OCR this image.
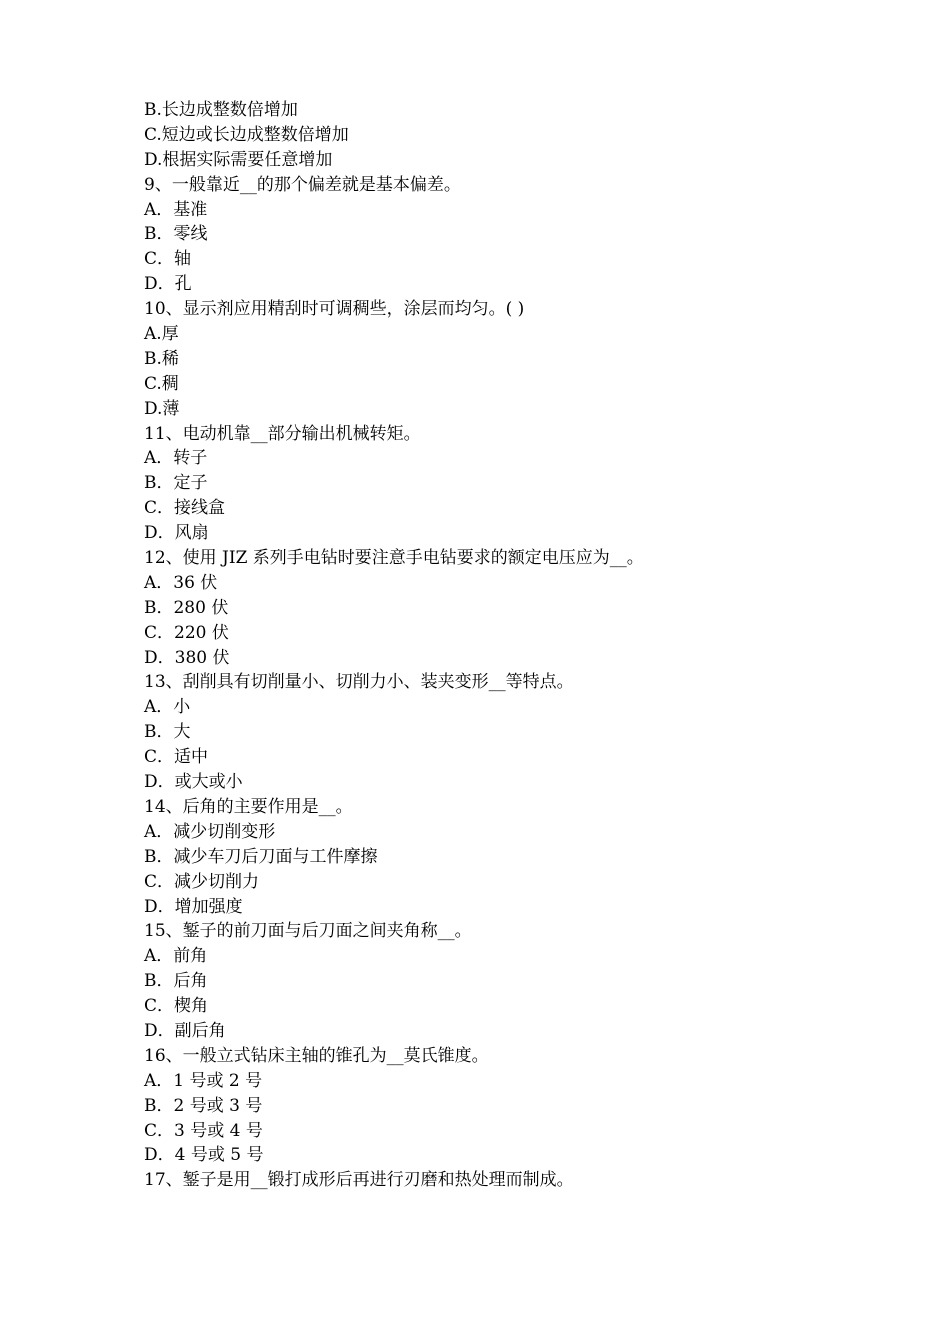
B.长边成整数倍增加
C.短边或长边成整数倍增加
D.根据实际需要任意增加
9、一般靠近__的那个偏差就是基本偏差。
A．基准
B．零线
C．轴
D．孔
10、显示剂应用精刮时可调稠些，涂层而均匀。( )
A.厚
B.稀
C.稠
D.薄
11、电动机靠__部分输出机械转矩。
A．转子
B．定子
C．接线盒
D．风扇
12、使用 JIZ 系列手电钻时要注意手电钻要求的额定电压应为__。
A．36 伏
B．280 伏
C．220 伏
D．380 伏
13、刮削具有切削量小、切削力小、装夹变形__等特点。
A．小
B．大
C．适中
D．或大或小
14、后角的主要作用是__。
A．减少切削变形
B．减少车刀后刀面与工件摩擦
C．减少切削力
D．增加强度
15、錾子的前刀面与后刀面之间夹角称__。
A．前角
B．后角
C．楔角
D．副后角
16、一般立式钻床主轴的锥孔为__莫氏锥度。
A．1 号或 2 号
B．2 号或 3 号
C．3 号或 4 号
D．4 号或 5 号
17、錾子是用__锻打成形后再进行刃磨和热处理而制成。
